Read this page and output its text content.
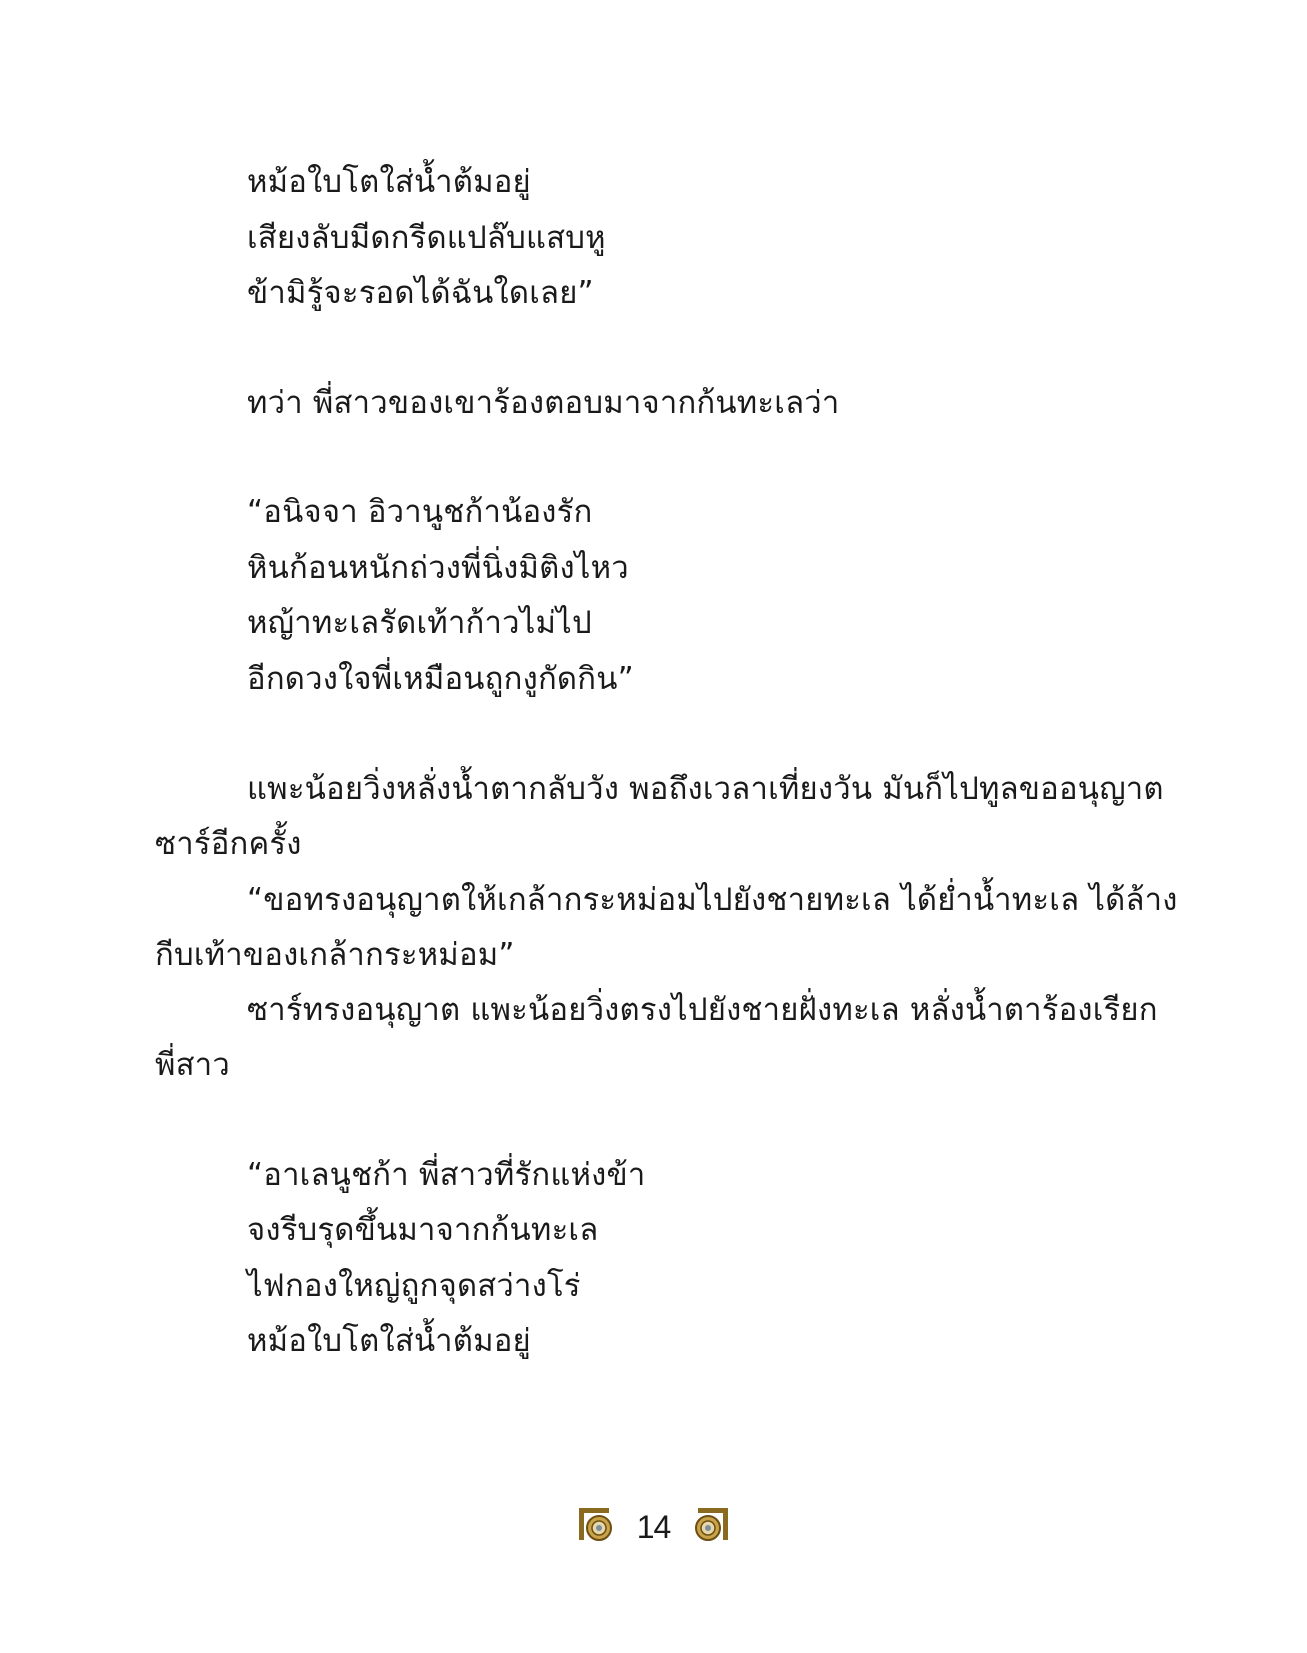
หม้อใบโตใส่น้ำต้มอยู่
เสียงลับมีดกรีดแปล๊บแสบหู
ข้ามิรู้จะรอดได้ฉันใดเลย”
ทว่า พี่สาวของเขาร้องตอบมาจากก้นทะเลว่า
“อนิจจา อิวานูชก้าน้องรัก
หินก้อนหนักถ่วงพี่นิ่งมิติงไหว
หญ้าทะเลรัดเท้าก้าวไม่ไป
อีกดวงใจพี่เหมือนถูกงูกัดกิน”
แพะน้อยวิ่งหลั่งน้ำตากลับวัง พอถึงเวลาเที่ยงวัน มันก็ไปทูลขออนุญาต
ซาร์อีกครั้ง
“ขอทรงอนุญาตให้เกล้ากระหม่อมไปยังชายทะเล ได้ย่ำน้ำทะเล ได้ล้าง
กีบเท้าของเกล้ากระหม่อม”
ซาร์ทรงอนุญาต แพะน้อยวิ่งตรงไปยังชายฝั่งทะเล หลั่งน้ำตาร้องเรียก
พี่สาว
“อาเลนูชก้า พี่สาวที่รักแห่งข้า
จงรีบรุดขึ้นมาจากก้นทะเล
ไฟกองใหญ่ถูกจุดสว่างโร่
หม้อใบโตใส่น้ำต้มอยู่
14
